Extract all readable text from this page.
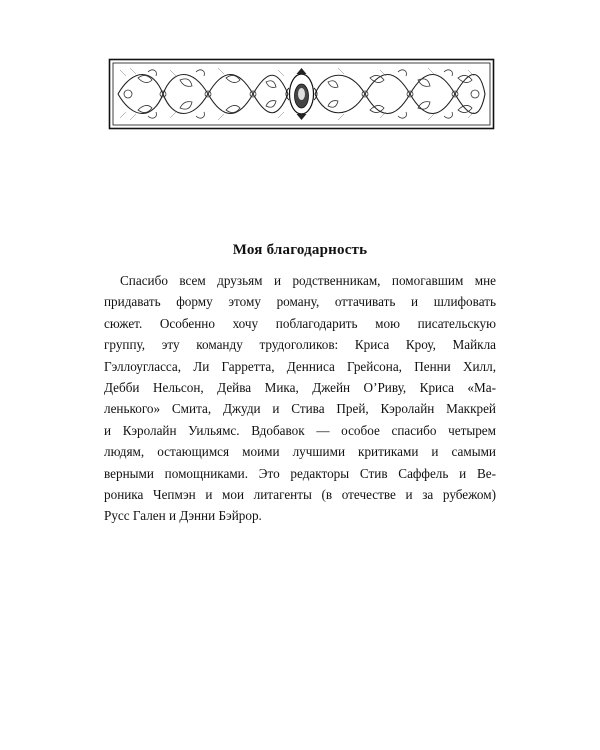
Моя благодарность
Спасибо всем друзьям и родственникам, помогавшим мне
придавать форму этому роману, оттачивать и шлифовать
сюжет. Особенно хочу поблагодарить мою писательскую
группу, эту команду трудоголиков: Криса Кроу, Майкла
Гэллоугласса, Ли Гарретта, Денниса Грейсона, Пенни Хилл,
Дебби Нельсон, Дейва Мика, Джейн О’Риву, Криса «Ма-
ленького» Смита, Джуди и Стива Прей, Кэролайн Маккрей
и Кэролайн Уильямс. Вдобавок — особое спасибо четырем
людям, остающимся моими лучшими критиками и самыми
верными помощниками. Это редакторы Стив Саффель и Ве-
роника Чепмэн и мои литагенты (в отечестве и за рубежом)
Русс Гален и Дэнни Бэйрор.
